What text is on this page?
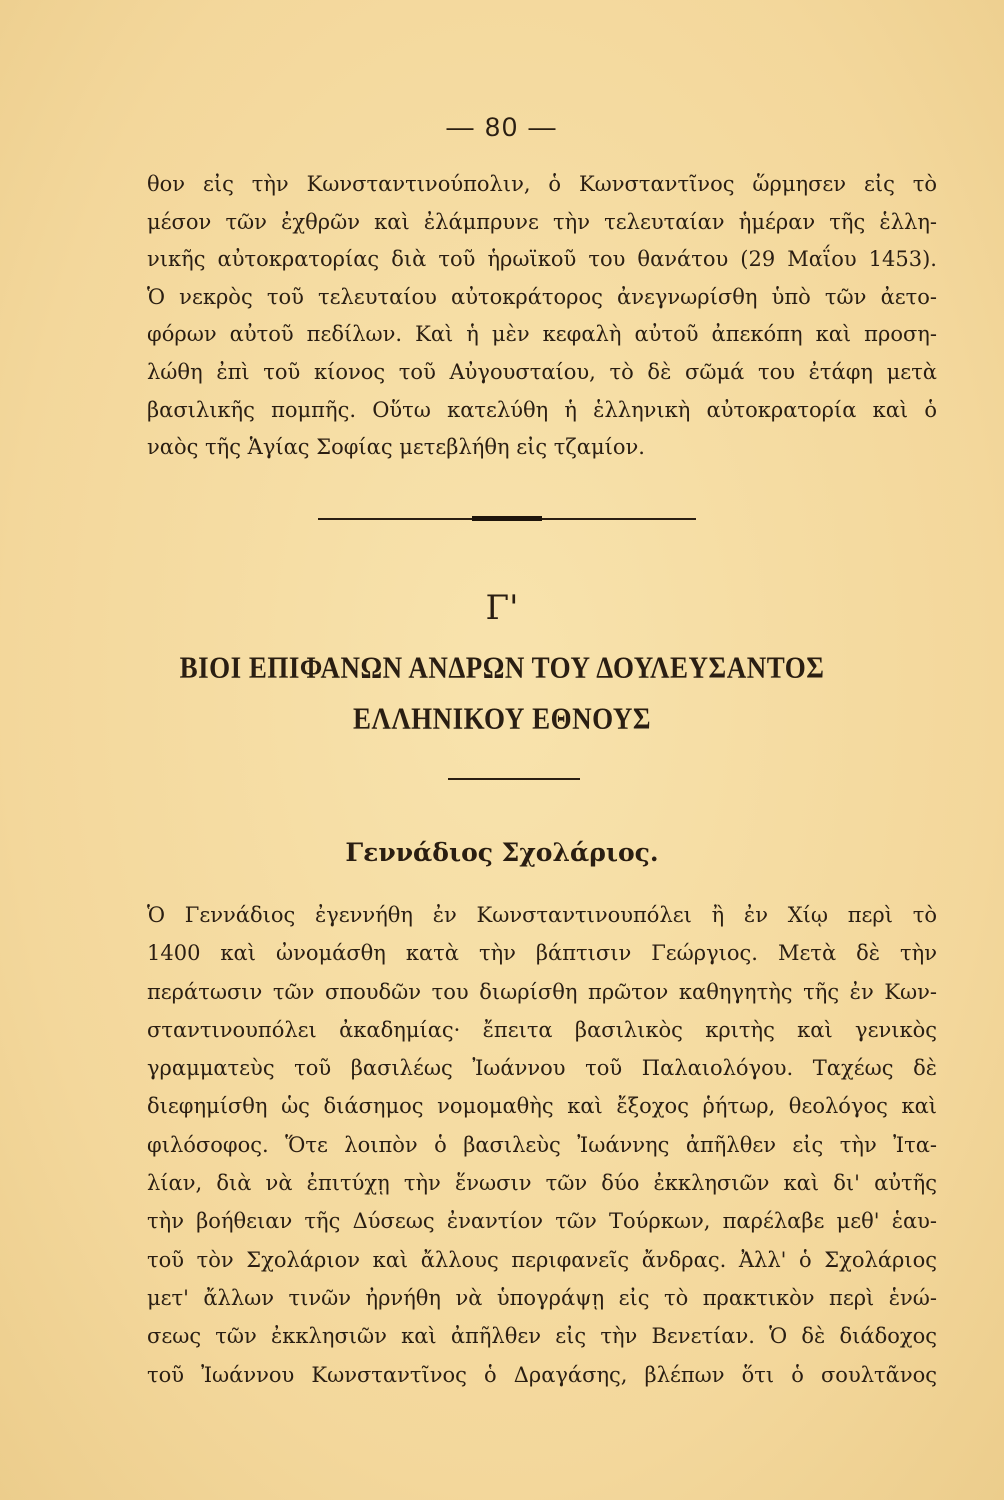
— 80 —
θον εἰς τὴν Κωνσταντινούπολιν, ὁ Κωνσταντῖνος ὥρμησεν εἰς τὸ
μέσον τῶν ἐχθρῶν καὶ ἐλάμπρυνε τὴν τελευταίαν ἡμέραν τῆς ἑλλη-
νικῆς αὐτοκρατορίας διὰ τοῦ ἡρωϊκοῦ του θανάτου (29 Μαΐου 1453).
Ὁ νεκρὸς τοῦ τελευταίου αὐτοκράτορος ἀνεγνωρίσθη ὑπὸ τῶν ἀετο-
φόρων αὐτοῦ πεδίλων. Καὶ ἡ μὲν κεφαλὴ αὐτοῦ ἀπεκόπη καὶ προση-
λώθη ἐπὶ τοῦ κίονος τοῦ Αὐγουσταίου, τὸ δὲ σῶμά του ἐτάφη μετὰ
βασιλικῆς πομπῆς. Οὕτω κατελύθη ἡ ἑλληνικὴ αὐτοκρατορία καὶ ὁ
ναὸς τῆς Ἁγίας Σοφίας μετεβλήθη εἰς τζαμίον.
Γ'
ΒΙΟΙ ΕΠΙΦΑΝΩΝ ΑΝΔΡΩΝ ΤΟΥ ΔΟΥΛΕΥΣΑΝΤΟΣ
ΕΛΛΗΝΙΚΟΥ ΕΘΝΟΥΣ
Γεννάδιος Σχολάριος.
Ὁ Γεννάδιος ἐγεννήθη ἐν Κωνσταντινουπόλει ἢ ἐν Χίῳ περὶ τὸ
1400 καὶ ὠνομάσθη κατὰ τὴν βάπτισιν Γεώργιος. Μετὰ δὲ τὴν
περάτωσιν τῶν σπουδῶν του διωρίσθη πρῶτον καθηγητὴς τῆς ἐν Κων-
σταντινουπόλει ἀκαδημίας· ἔπειτα βασιλικὸς κριτὴς καὶ γενικὸς
γραμματεὺς τοῦ βασιλέως Ἰωάννου τοῦ Παλαιολόγου. Ταχέως δὲ
διεφημίσθη ὡς διάσημος νομομαθὴς καὶ ἔξοχος ῥήτωρ, θεολόγος καὶ
φιλόσοφος. Ὅτε λοιπὸν ὁ βασιλεὺς Ἰωάννης ἀπῆλθεν εἰς τὴν Ἰτα-
λίαν, διὰ νὰ ἐπιτύχῃ τὴν ἕνωσιν τῶν δύο ἐκκλησιῶν καὶ δι' αὐτῆς
τὴν βοήθειαν τῆς Δύσεως ἐναντίον τῶν Τούρκων, παρέλαβε μεθ' ἑαυ-
τοῦ τὸν Σχολάριον καὶ ἄλλους περιφανεῖς ἄνδρας. Ἀλλ' ὁ Σχολάριος
μετ' ἄλλων τινῶν ἠρνήθη νὰ ὑπογράψῃ εἰς τὸ πρακτικὸν περὶ ἑνώ-
σεως τῶν ἐκκλησιῶν καὶ ἀπῆλθεν εἰς τὴν Βενετίαν. Ὁ δὲ διάδοχος
τοῦ Ἰωάννου Κωνσταντῖνος ὁ Δραγάσης, βλέπων ὅτι ὁ σουλτᾶνος
